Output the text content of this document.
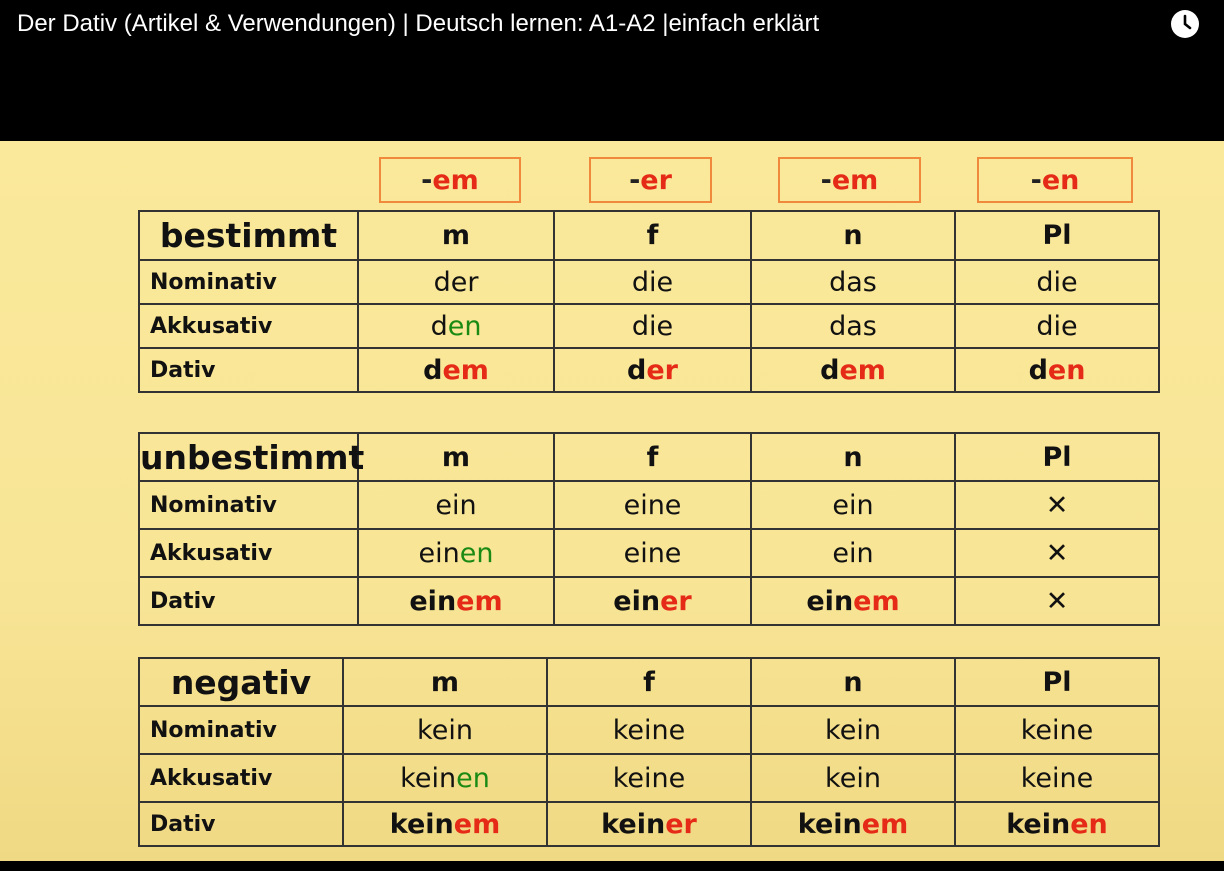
Der Dativ (Artikel & Verwendungen) | Deutsch lernen: A1-A2 |einfach erklärt
- em	- er	- em	- en
bestimmt	m	f	n	Pl
Nominativ	der	die	das	die
Akkusativ	den	die	das	die
Dativ	dem	der	dem	den
unbestimmt	m	f	n	Pl
Nominativ	ein	eine	ein	✕
Akkusativ	einen	eine	ein	✕
Dativ	einem	einer	einem	✕
negativ	m	f	n	Pl
Nominativ	kein	keine	kein	keine
Akkusativ	keinen	keine	kein	keine
Dativ	keinem	keiner	keinem	keinen
